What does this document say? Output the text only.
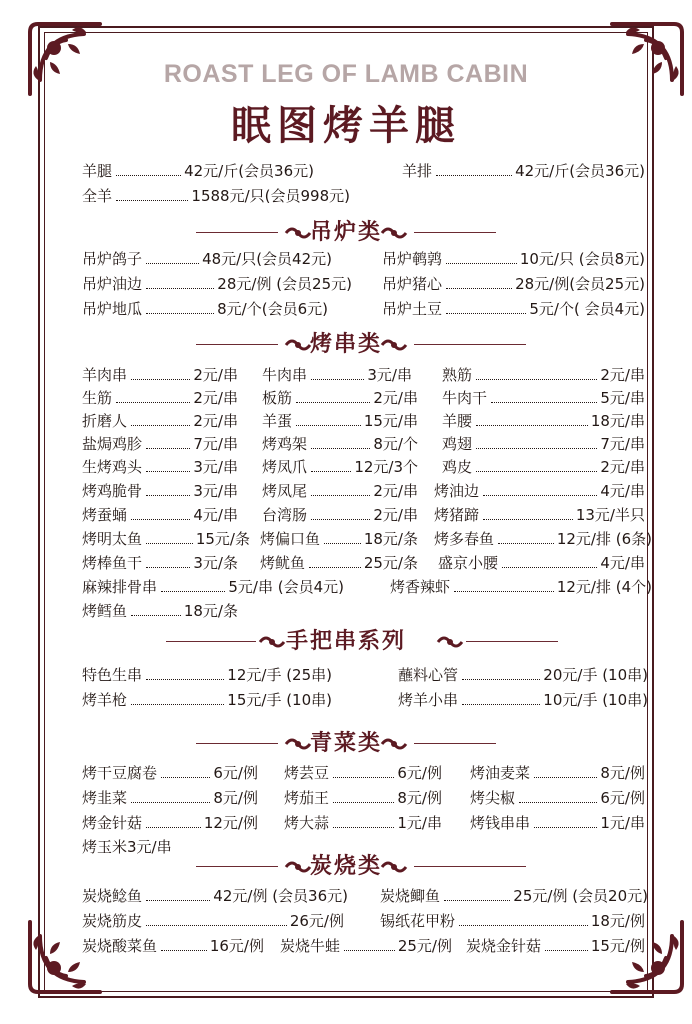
ROAST LEG OF LAMB CABIN
眠图烤羊腿
羊腿	42元/斤(会员36元)	羊排	42元/斤(会员36元)
全羊	1588元/只(会员998元)
吊炉类
吊炉鸽子	48元/只(会员42元)	吊炉鹌鹑	10元/只 (会员8元)
吊炉油边	28元/例 (会员25元) 吊炉猪心	28元/例(会员25元)
吊炉地瓜	8元/个(会员6元)	吊炉土豆	5元/个( 会员4元)
烤串类
羊肉串	2元/串 牛肉串	3元/串 熟筋	2元/串
生筋	2元/串 板筋	2元/串 牛肉干	5元/串
折磨人	2元/串 羊蛋	15元/串 羊腰	18元/串
盐焗鸡胗	7元/串 烤鸡架	8元/个 鸡翅	7元/串
生烤鸡头	3元/串 烤凤爪	12元/3个 鸡皮	2元/串
烤鸡脆骨	3元/串 烤凤尾	2元/串 烤油边	4元/串
烤蚕蛹	4元/串 台湾肠	2元/串 烤猪蹄	13元/半只
烤明太鱼	15元/条 烤偏口鱼	18元/条 烤多春鱼	12元/排 (6条)
烤棒鱼干	3元/条 烤鱿鱼	25元/条 盛京小腰	4元/串
麻辣排骨串	5元/串 (会员4元)	烤香辣虾	12元/排 (4个)
烤鳕鱼	18元/条
手把串系列
特色生串	12元/手 (25串)	蘸料心管	20元/手 (10串)
烤羊枪	15元/手 (10串)	烤羊小串	10元/手 (10串)
青菜类
烤干豆腐卷	6元/例 烤芸豆	6元/例 烤油麦菜	8元/例
烤韭菜	8元/例 烤茄王	8元/例 烤尖椒	6元/例
烤金针菇	12元/例 烤大蒜	1元/串 烤钱串串	1元/串
烤玉米3元/串
炭烧类
炭烧鲶鱼	42元/例 (会员36元) 炭烧鲫鱼	25元/例 (会员20元)
炭烧筋皮	26元/例 锡纸花甲粉	18元/例
炭烧酸菜鱼	16元/例 炭烧牛蛙	25元/例 炭烧金针菇	15元/例
